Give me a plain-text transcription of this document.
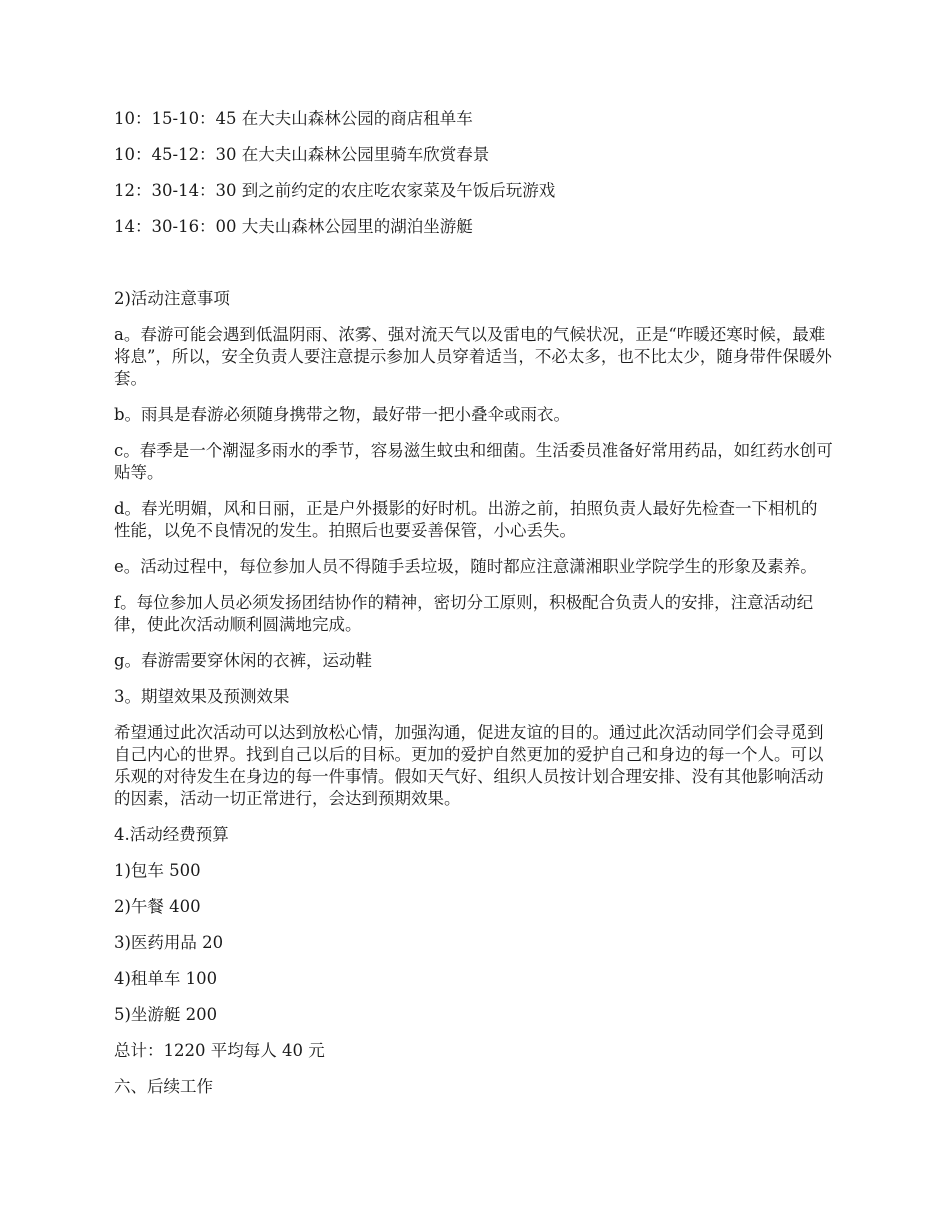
10：15-10：45 在大夫山森林公园的商店租单车

10：45-12：30 在大夫山森林公园里骑车欣赏春景

12：30-14：30 到之前约定的农庄吃农家菜及午饭后玩游戏

14：30-16：00 大夫山森林公园里的湖泊坐游艇

2)活动注意事项

a。春游可能会遇到低温阴雨、浓雾、强对流天气以及雷电的气候状况，正是“咋暖还寒时候，最难将息”，所以，安全负责人要注意提示参加人员穿着适当，不必太多，也不比太少，随身带件保暖外套。

b。雨具是春游必须随身携带之物，最好带一把小叠伞或雨衣。

c。春季是一个潮湿多雨水的季节，容易滋生蚊虫和细菌。生活委员准备好常用药品，如红药水创可贴等。

d。春光明媚，风和日丽，正是户外摄影的好时机。出游之前，拍照负责人最好先检查一下相机的性能，以免不良情况的发生。拍照后也要妥善保管，小心丢失。

e。活动过程中，每位参加人员不得随手丢垃圾，随时都应注意潇湘职业学院学生的形象及素养。

f。每位参加人员必须发扬团结协作的精神，密切分工原则，积极配合负责人的安排，注意活动纪律，使此次活动顺利圆满地完成。

g。春游需要穿休闲的衣裤，运动鞋

3。期望效果及预测效果

希望通过此次活动可以达到放松心情，加强沟通，促进友谊的目的。通过此次活动同学们会寻觅到自己内心的世界。找到自己以后的目标。更加的爱护自然更加的爱护自己和身边的每一个人。可以乐观的对待发生在身边的每一件事情。假如天气好、组织人员按计划合理安排、没有其他影响活动的因素，活动一切正常进行，会达到预期效果。

4.活动经费预算

1)包车 500

2)午餐 400

3)医药用品 20

4)租单车 100

5)坐游艇 200

总计：1220 平均每人 40 元

六、后续工作
